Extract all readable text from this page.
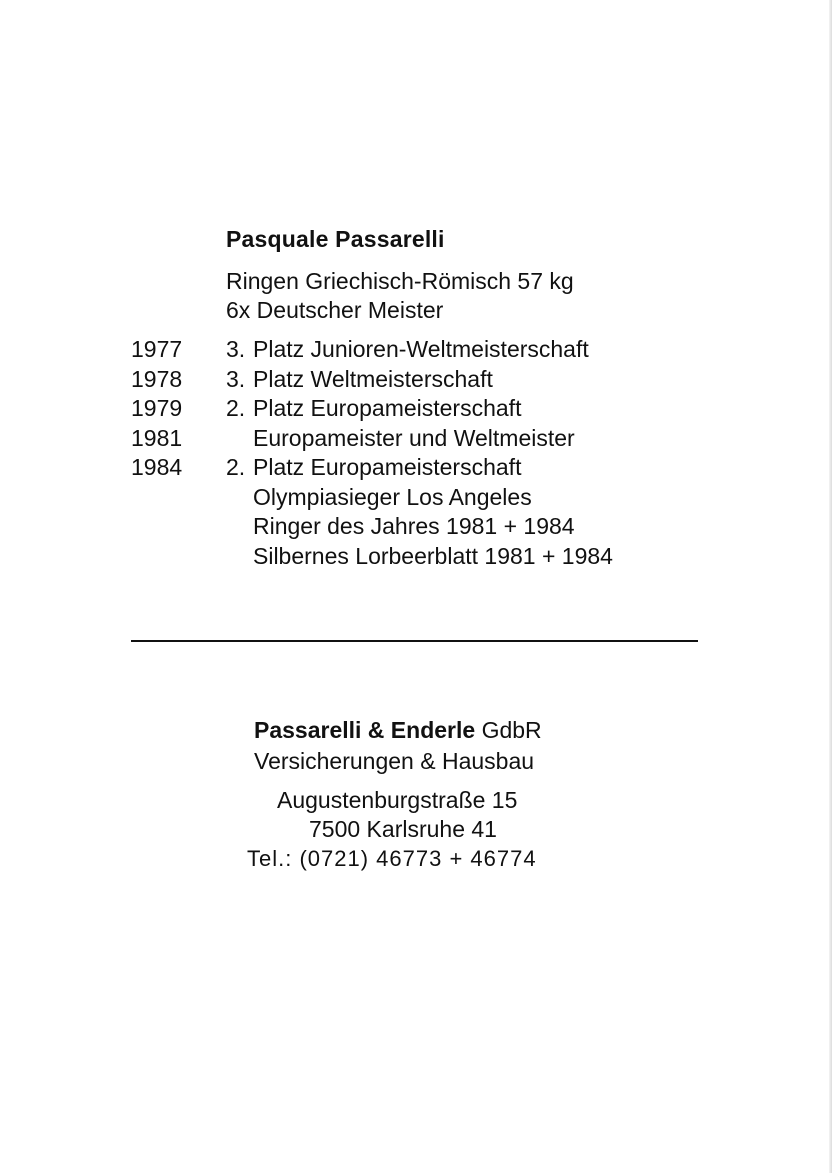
Pasquale Passarelli

Ringen Griechisch-Römisch 57 kg

6x Deutscher Meister

1977	3. Platz Junioren-Weltmeisterschaft
1978	3. Platz Weltmeisterschaft
1979	2. Platz Europameisterschaft
1981	Europameister und Weltmeister
1984	2. Platz Europameisterschaft
Olympiasieger Los Angeles
Ringer des Jahres 1981 + 1984
Silbernes Lorbeerblatt 1981 + 1984
Passarelli & Enderle GdbR
Versicherungen & Hausbau
Augustenburgstraße 15
7500 Karlsruhe 41
Tel.: (0721) 46773 + 46774
